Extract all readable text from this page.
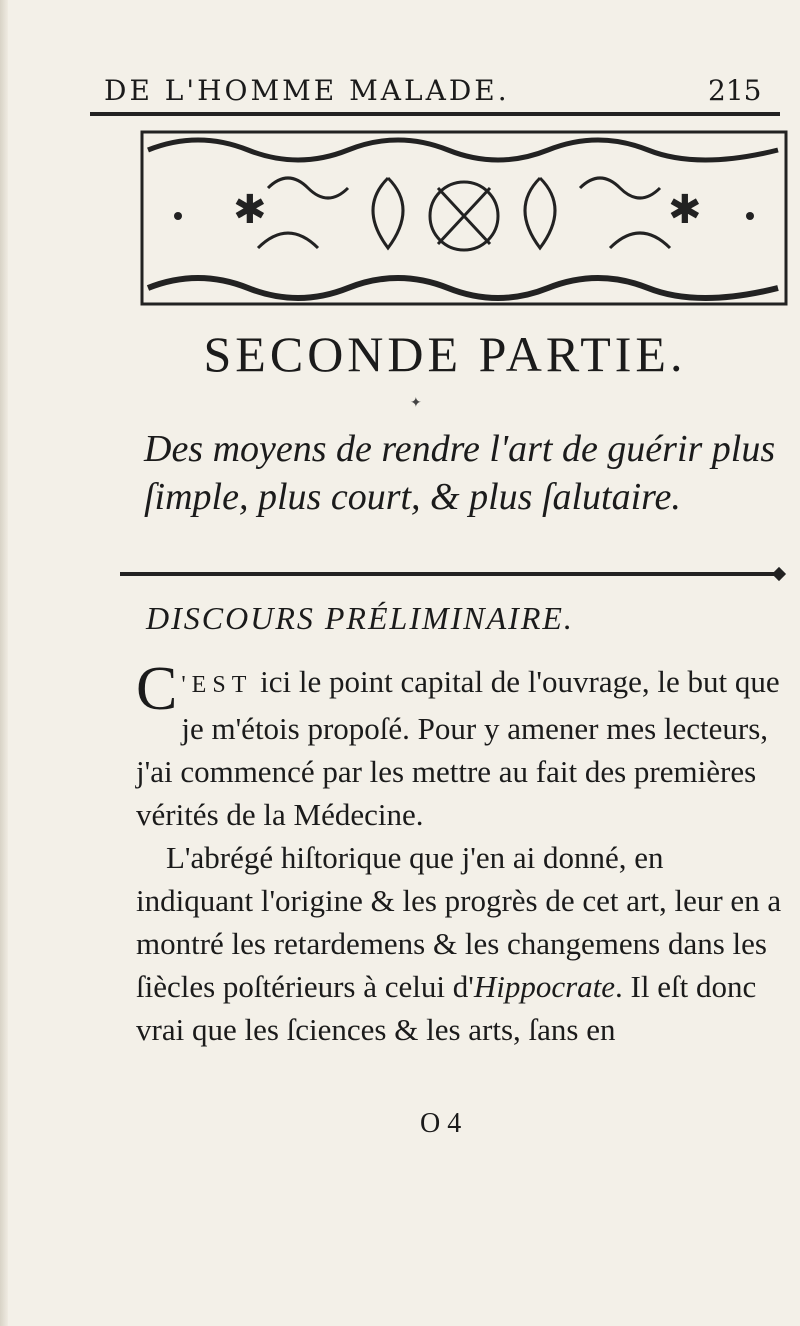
DE L'HOMME MALADE.	215
✱	✱
SECONDE PARTIE.
✦
Des moyens de rendre l'art de guérir plus ſimple, plus court, & plus ſalutaire.
DISCOURS PRÉLIMINAIRE.

C 'EST ici le point capital de l'ouvrage, le but que je m'étois propoſé. Pour y amener mes lecteurs, j'ai commencé par les mettre au fait des premières vérités de la Médecine.

L'abrégé hiſtorique que j'en ai donné, en indiquant l'origine & les progrès de cet art, leur en a montré les retardemens & les changemens dans les ſiècles poſtérieurs à celui d'Hippocrate. Il eſt donc vrai que les ſciences & les arts, ſans en

O 4
